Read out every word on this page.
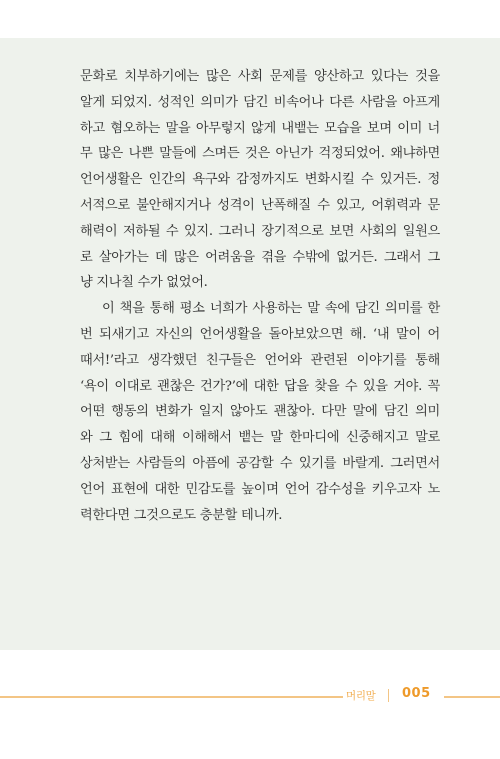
문화로 치부하기에는 많은 사회 문제를 양산하고 있다는 것을
알게 되었지. 성적인 의미가 담긴 비속어나 다른 사람을 아프게
하고 혐오하는 말을 아무렇지 않게 내뱉는 모습을 보며 이미 너
무 많은 나쁜 말들에 스며든 것은 아닌가 걱정되었어. 왜냐하면
언어생활은 인간의 욕구와 감정까지도 변화시킬 수 있거든. 정
서적으로 불안해지거나 성격이 난폭해질 수 있고, 어휘력과 문
해력이 저하될 수 있지. 그러니 장기적으로 보면 사회의 일원으
로 살아가는 데 많은 어려움을 겪을 수밖에 없거든. 그래서 그
냥 지나칠 수가 없었어.
이 책을 통해 평소 너희가 사용하는 말 속에 담긴 의미를 한
번 되새기고 자신의 언어생활을 돌아보았으면 해. ‘내 말이 어
때서!’라고 생각했던 친구들은 언어와 관련된 이야기를 통해
‘욕이 이대로 괜찮은 건가?’에 대한 답을 찾을 수 있을 거야. 꼭
어떤 행동의 변화가 일지 않아도 괜찮아. 다만 말에 담긴 의미
와 그 힘에 대해 이해해서 뱉는 말 한마디에 신중해지고 말로
상처받는 사람들의 아픔에 공감할 수 있기를 바랄게. 그러면서
언어 표현에 대한 민감도를 높이며 언어 감수성을 키우고자 노
력한다면 그것으로도 충분할 테니까.
머리말 005
